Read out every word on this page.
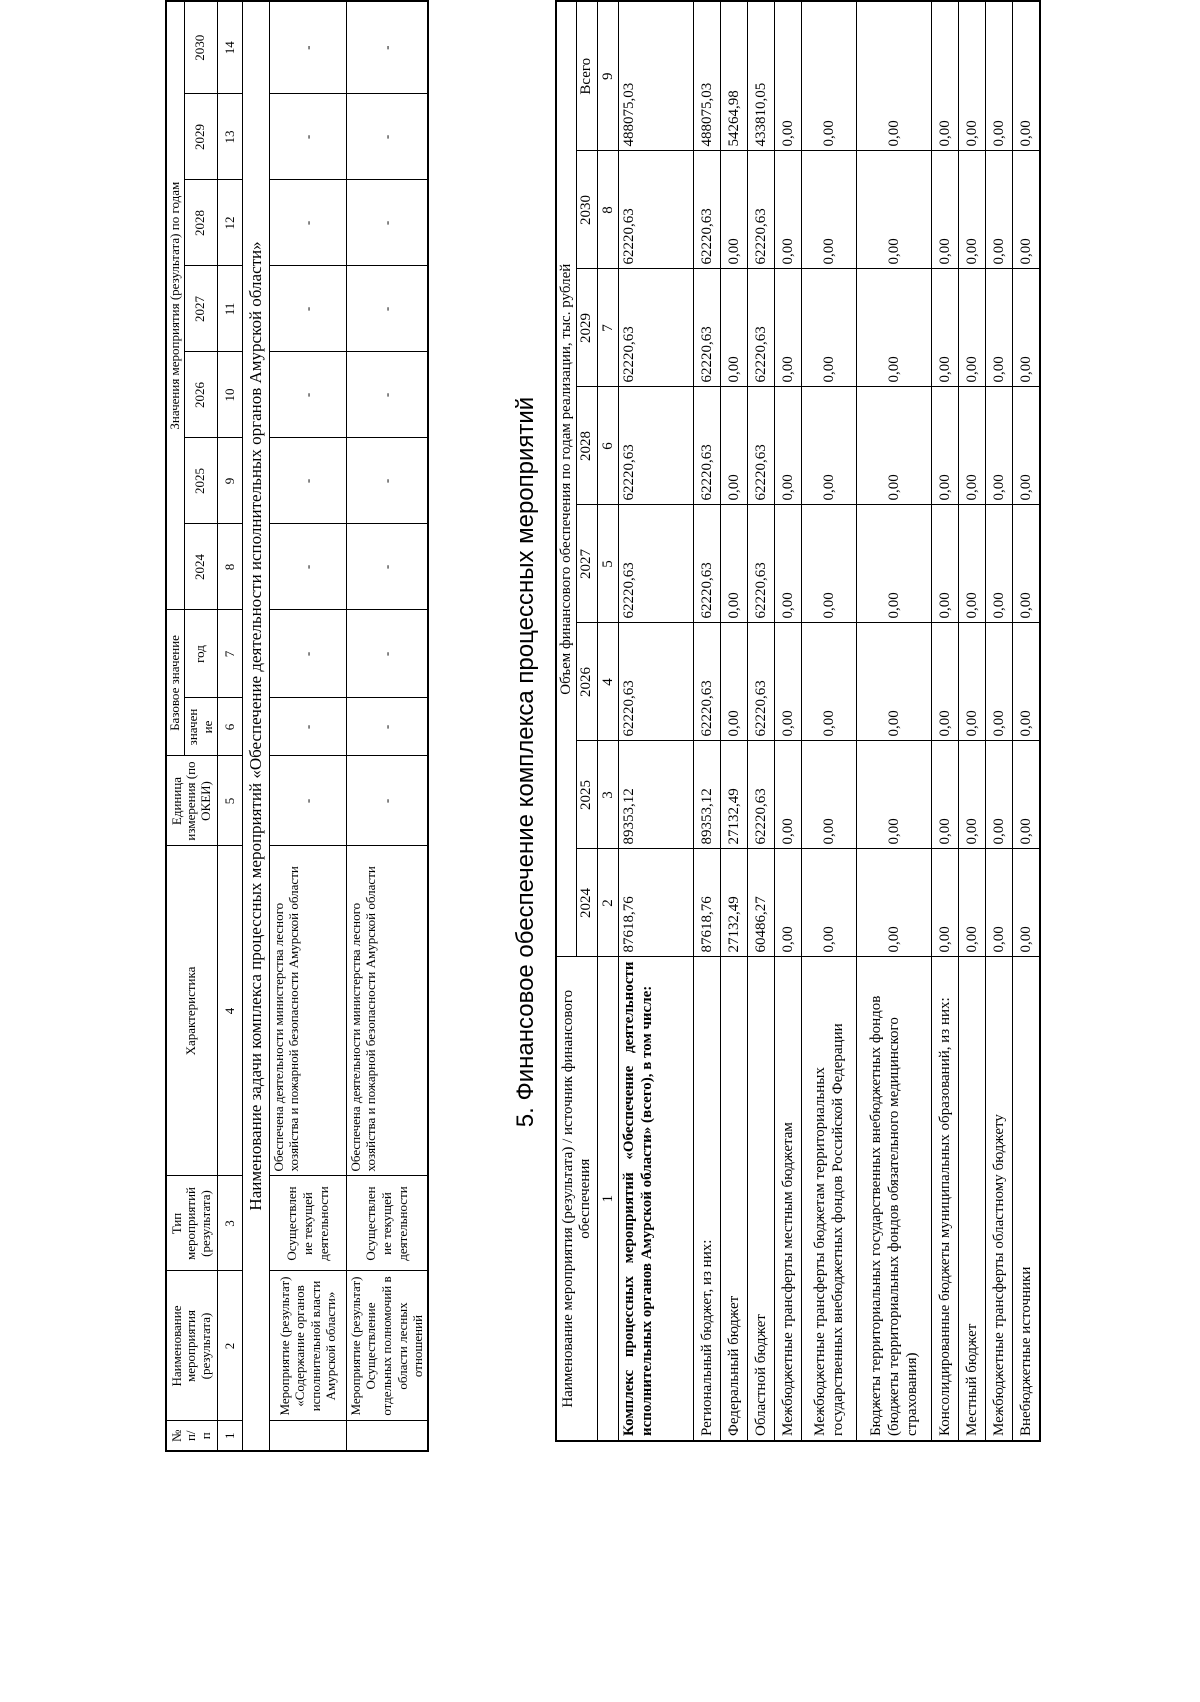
№ п/ п	Наименование мероприятия (результата)	Тип мероприятий (результата)	Характеристика	Единица измерения (по ОКЕИ)	Базовое значение		Значения мероприятия (результата) по годам						
					значен ие	год	2024	2025	2026	2027	2028	2029	2030
1	2	3	4	5	6	7	8	9	10	11	12	13	14
Наименование задачи комплекса процессных мероприятий «Обеспечение деятельности исполнительных органов Амурской области»													
	Мероприятие (результат) «Содержание органов исполнительной власти Амурской области»	Осуществлен ие текущей деятельности	Обеспечена деятельности министерства лесного хозяйства и пожарной безопасности Амурской области	-	-	-	-	-	-	-	-	-	-
	Мероприятие (результат) Осуществление отдельных полномочий в области лесных отношений	Осуществлен ие текущей деятельности	Обеспечена деятельности министерства лесного хозяйства и пожарной безопасности Амурской области	-	-	-	-	-	-	-	-	-	-
5. Финансовое обеспечение комплекса процессных мероприятий
Наименование мероприятия (результата) / источник финансового обеспечения	Объем финансового обеспечения по годам реализации, тыс. рублей							
	2024	2025	2026	2027	2028	2029	2030	Всего
1	2	3	4	5	6	7	8	9
Комплекс процессных мероприятий «Обеспечение деятельности исполнительных органов Амурской области» (всего), в том числе:	87618,76	89353,12	62220,63	62220,63	62220,63	62220,63	62220,63	488075,03
Региональный бюджет, из них:	87618,76	89353,12	62220,63	62220,63	62220,63	62220,63	62220,63	488075,03
Федеральный бюджет	27132,49	27132,49	0,00	0,00	0,00	0,00	0,00	54264,98
Областной бюджет	60486,27	62220,63	62220,63	62220,63	62220,63	62220,63	62220,63	433810,05
Межбюджетные трансферты местным бюджетам	0,00	0,00	0,00	0,00	0,00	0,00	0,00	0,00
Межбюджетные трансферты бюджетам территориальных государственных внебюджетных фондов Российской Федерации	0,00	0,00	0,00	0,00	0,00	0,00	0,00	0,00
Бюджеты территориальных государственных внебюджетных фондов (бюджеты территориальных фондов обязательного медицинского страхования)	0,00	0,00	0,00	0,00	0,00	0,00	0,00	0,00
Консолидированные бюджеты муниципальных образований, из них:	0,00	0,00	0,00	0,00	0,00	0,00	0,00	0,00
Местный бюджет	0,00	0,00	0,00	0,00	0,00	0,00	0,00	0,00
Межбюджетные трансферты областному бюджету	0,00	0,00	0,00	0,00	0,00	0,00	0,00	0,00
Внебюджетные источники	0,00	0,00	0,00	0,00	0,00	0,00	0,00	0,00
